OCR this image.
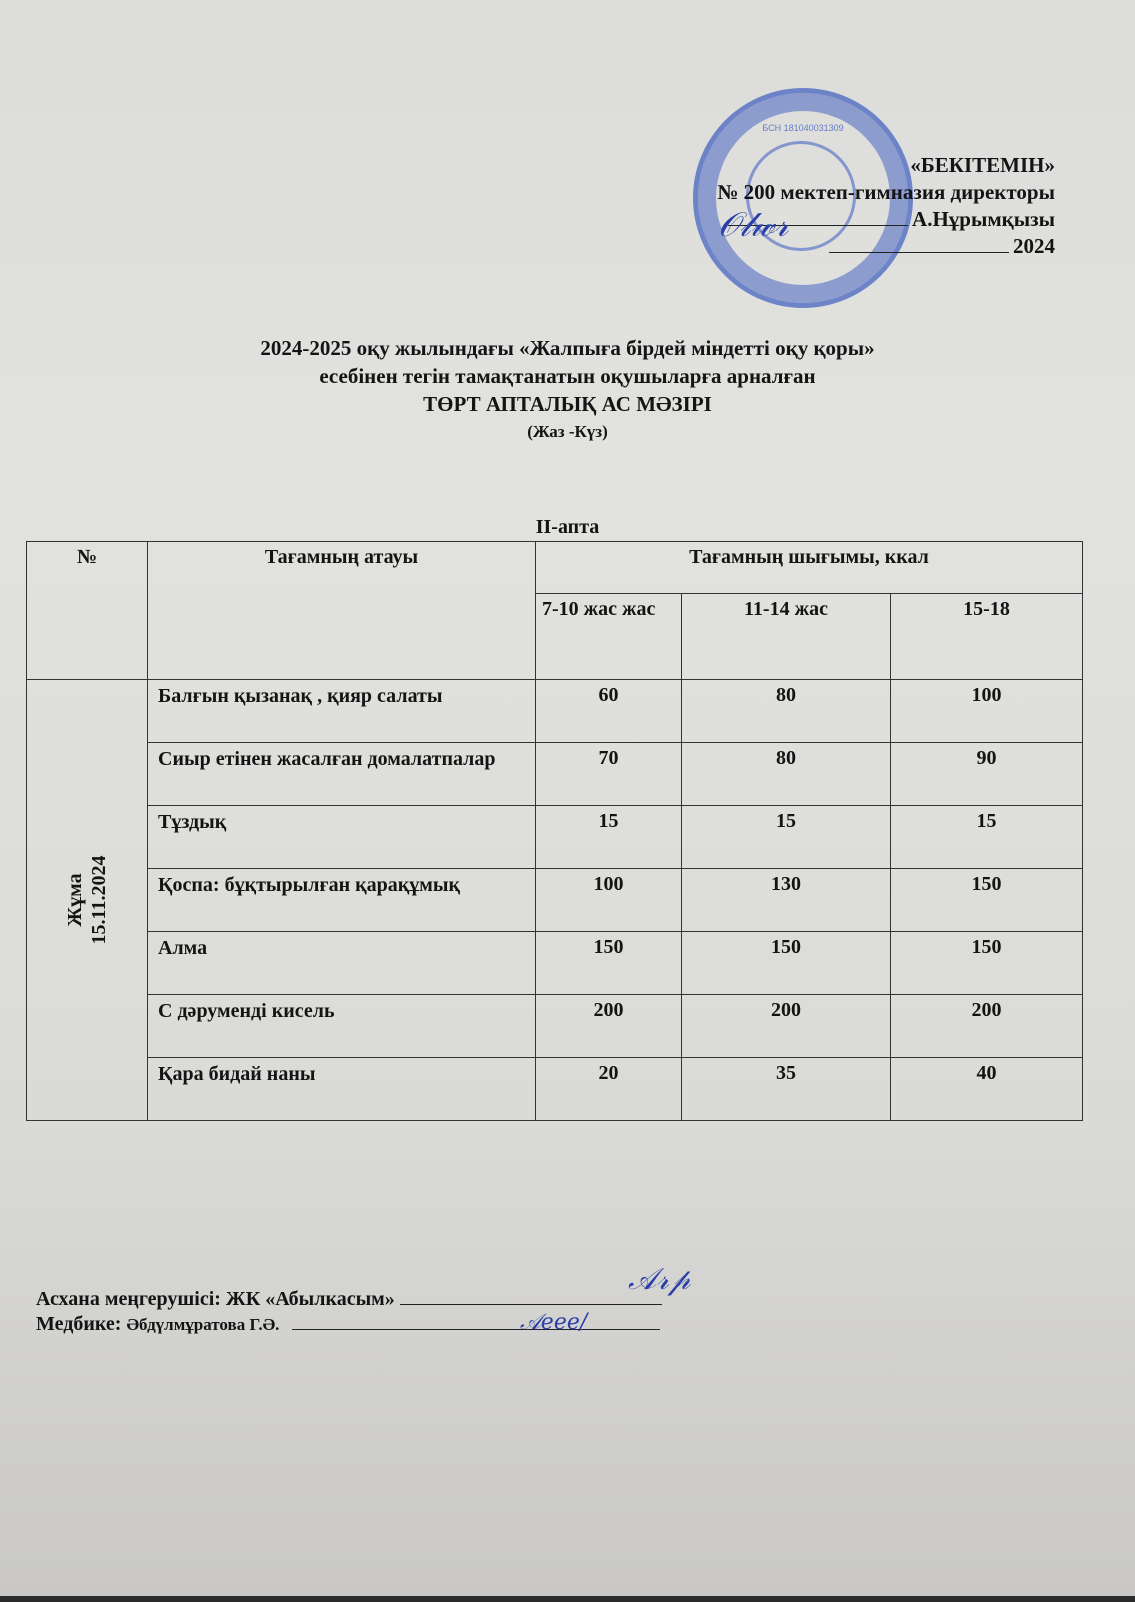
БСН 181040031309
«БЕКІТЕМІН»
№ 200 мектеп-гимназия директоры
А.Нұрымқызы
2024
𝒪𝓁𝓌𝓇
2024-2025 оқу жылындағы «Жалпыға бірдей міндетті оқу қоры»
есебінен тегін тамақтанатын оқушыларға арналған
ТӨРТ АПТАЛЫҚ АС МӘЗІРІ
(Жаз -Күз)
ІІ-апта
№	Тағамның атауы	Тағамның шығымы, ккал		
		7-10 жас жас	11-14 жас	15-18

Жұма 15.11.2024	Балғын қызанақ , қияр салаты	60	80	100
	Сиыр етінен жасалған домалатпалар	70	80	90
	Тұздық	15	15	15
	Қоспа: бұқтырылған қарақұмық	100	130	150
	Алма	150	150	150
	С дәруменді кисель	200	200	200
	Қара бидай наны	20	35	40
Асхана меңгерушісі: ЖК «Абылкасым»
Медбике: Әбдүлмұратова Г.Ә.
𝒜𝓇𝓅
𝒜𝑒𝑒𝑒/
